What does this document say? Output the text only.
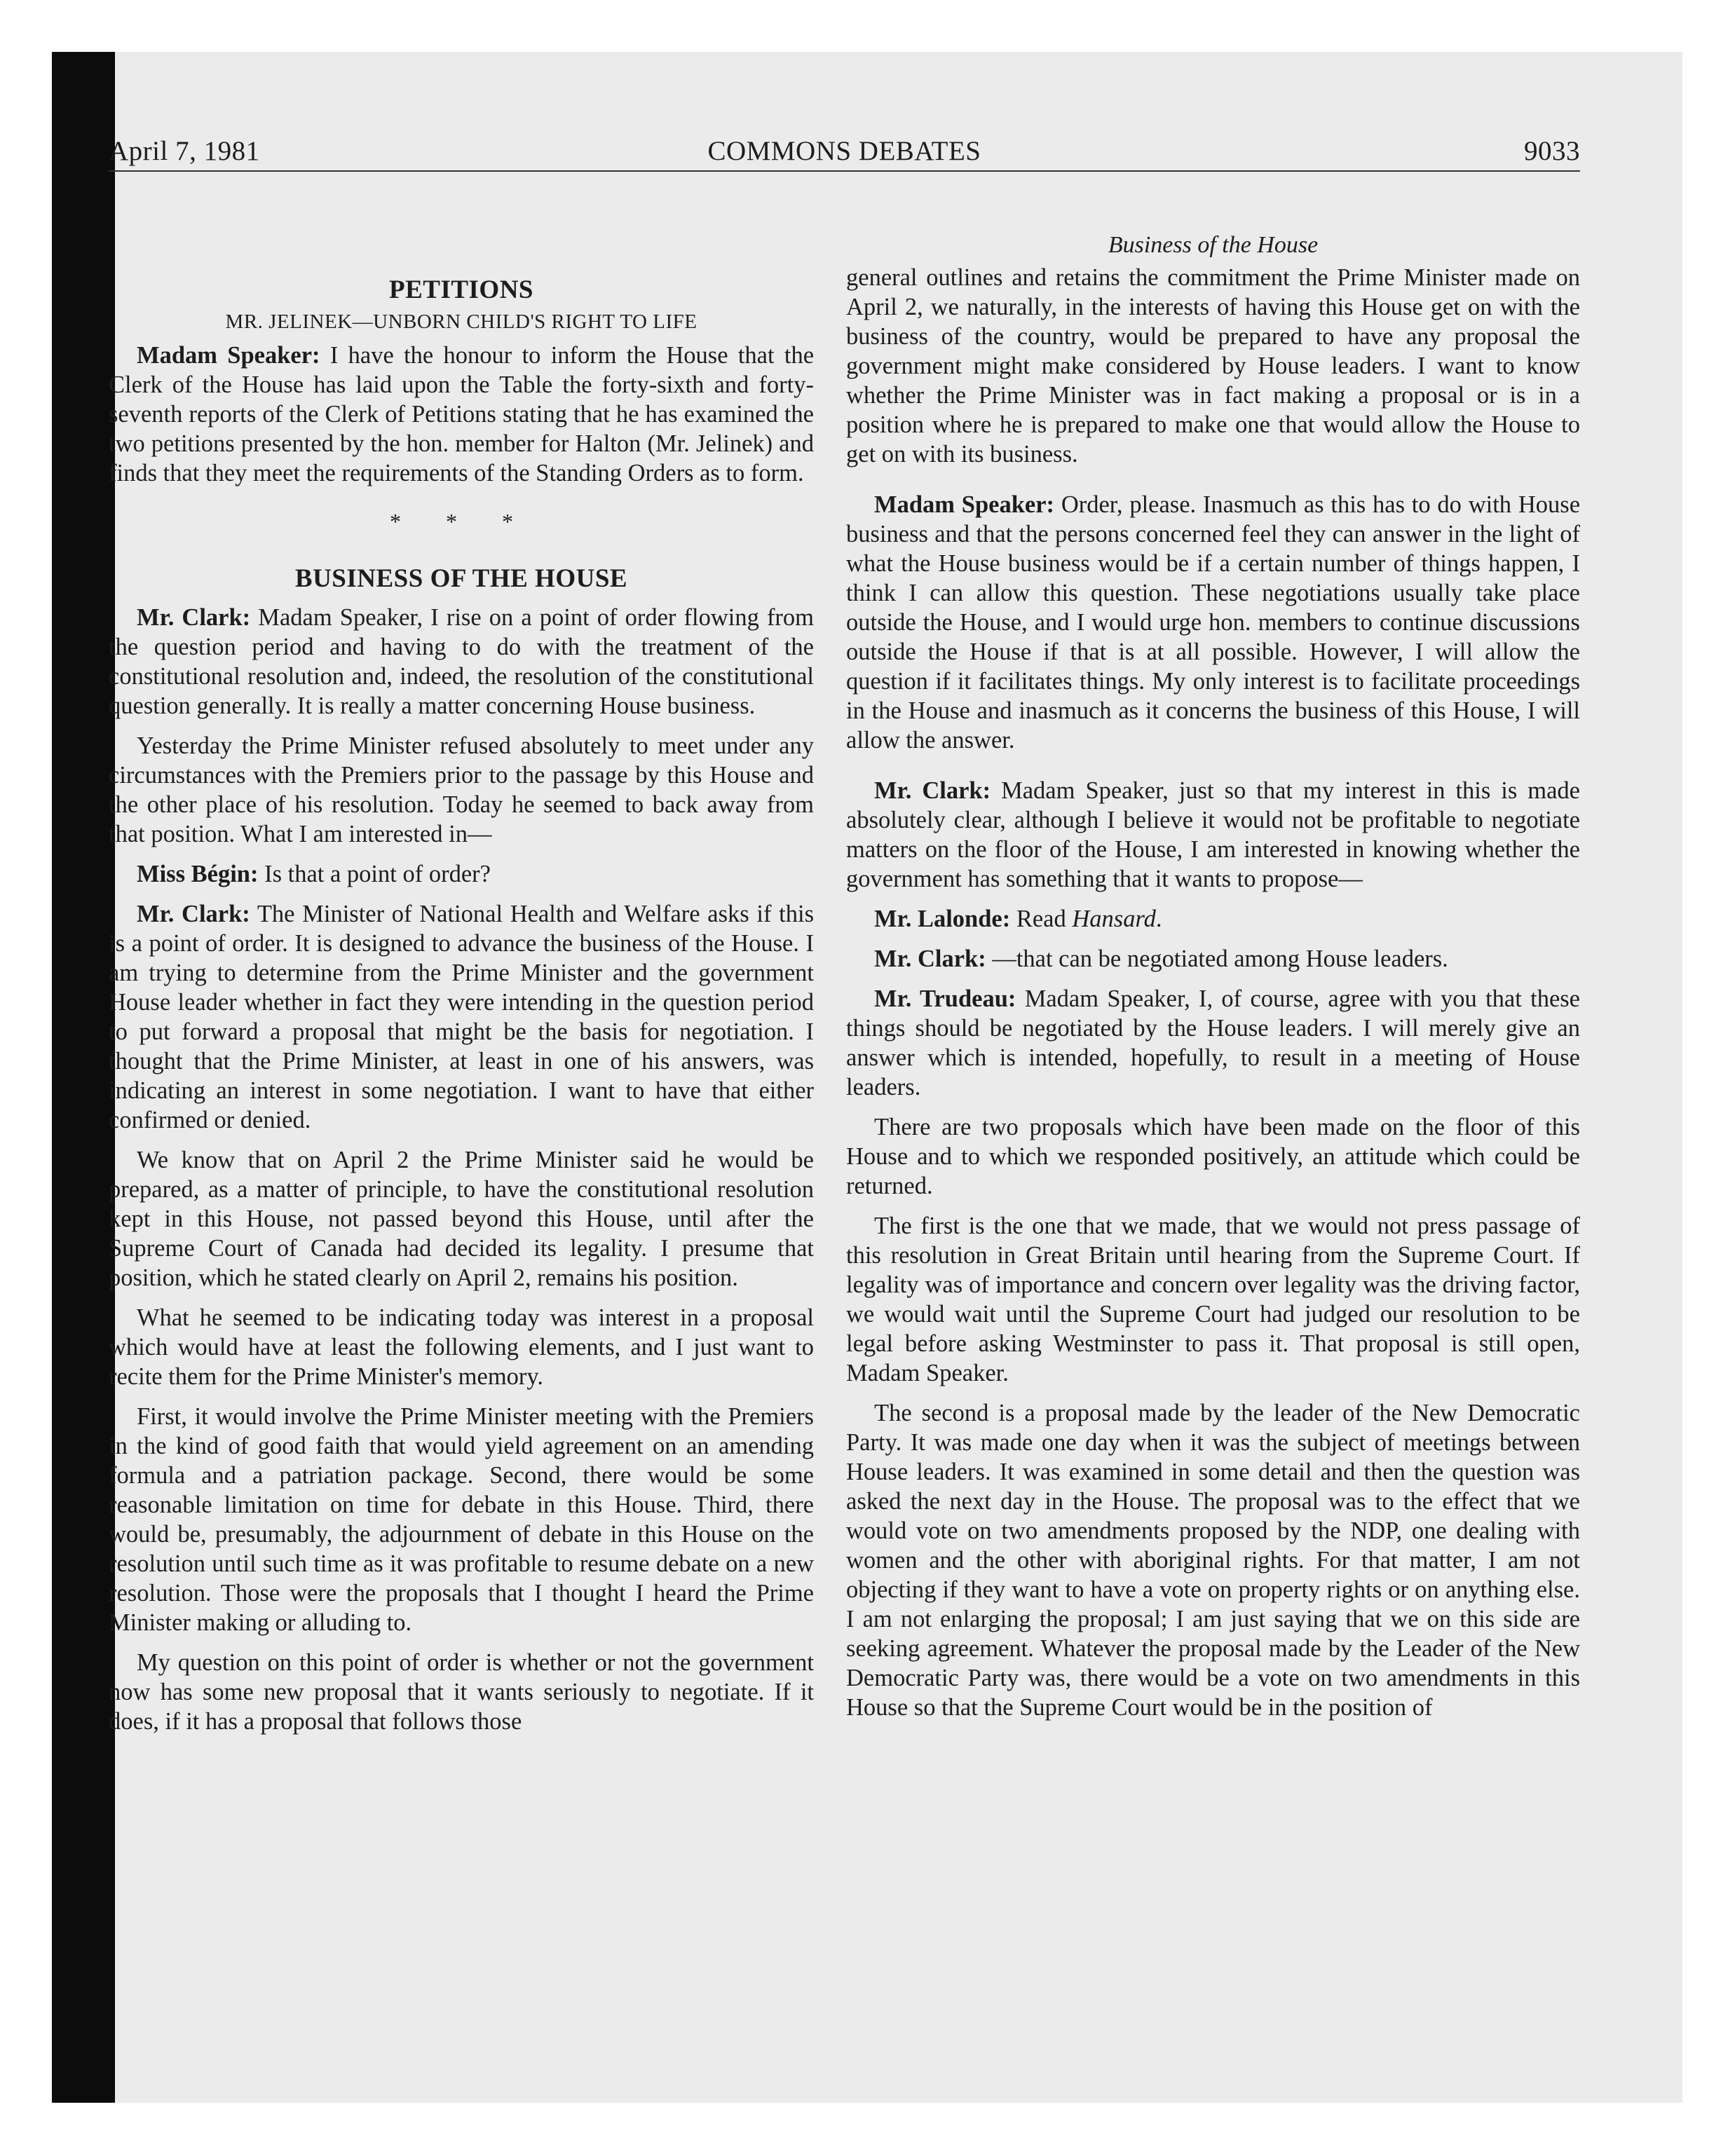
April 7, 1981	COMMONS DEBATES	9033
PETITIONS
MR. JELINEK—UNBORN CHILD'S RIGHT TO LIFE

Madam Speaker: I have the honour to inform the House that the Clerk of the House has laid upon the Table the forty-sixth and forty-seventh reports of the Clerk of Petitions stating that he has examined the two petitions presented by the hon. member for Halton (Mr. Jelinek) and finds that they meet the requirements of the Standing Orders as to form.

* * *
BUSINESS OF THE HOUSE

Mr. Clark: Madam Speaker, I rise on a point of order flowing from the question period and having to do with the treatment of the constitutional resolution and, indeed, the resolution of the constitutional question generally. It is really a matter concerning House business.

Yesterday the Prime Minister refused absolutely to meet under any circumstances with the Premiers prior to the passage by this House and the other place of his resolution. Today he seemed to back away from that position. What I am interested in—

Miss Bégin: Is that a point of order?

Mr. Clark: The Minister of National Health and Welfare asks if this is a point of order. It is designed to advance the business of the House. I am trying to determine from the Prime Minister and the government House leader whether in fact they were intending in the question period to put forward a proposal that might be the basis for negotiation. I thought that the Prime Minister, at least in one of his answers, was indicating an interest in some negotiation. I want to have that either confirmed or denied.

We know that on April 2 the Prime Minister said he would be prepared, as a matter of principle, to have the constitutional resolution kept in this House, not passed beyond this House, until after the Supreme Court of Canada had decided its legality. I presume that position, which he stated clearly on April 2, remains his position.

What he seemed to be indicating today was interest in a proposal which would have at least the following elements, and I just want to recite them for the Prime Minister's memory.

First, it would involve the Prime Minister meeting with the Premiers in the kind of good faith that would yield agreement on an amending formula and a patriation package. Second, there would be some reasonable limitation on time for debate in this House. Third, there would be, presumably, the adjournment of debate in this House on the resolution until such time as it was profitable to resume debate on a new resolution. Those were the proposals that I thought I heard the Prime Minister making or alluding to.

My question on this point of order is whether or not the government now has some new proposal that it wants seriously to negotiate. If it does, if it has a proposal that follows those

Business of the House

general outlines and retains the commitment the Prime Minister made on April 2, we naturally, in the interests of having this House get on with the business of the country, would be prepared to have any proposal the government might make considered by House leaders. I want to know whether the Prime Minister was in fact making a proposal or is in a position where he is prepared to make one that would allow the House to get on with its business.

Madam Speaker: Order, please. Inasmuch as this has to do with House business and that the persons concerned feel they can answer in the light of what the House business would be if a certain number of things happen, I think I can allow this question. These negotiations usually take place outside the House, and I would urge hon. members to continue discussions outside the House if that is at all possible. However, I will allow the question if it facilitates things. My only interest is to facilitate proceedings in the House and inasmuch as it concerns the business of this House, I will allow the answer.

Mr. Clark: Madam Speaker, just so that my interest in this is made absolutely clear, although I believe it would not be profitable to negotiate matters on the floor of the House, I am interested in knowing whether the government has something that it wants to propose—

Mr. Lalonde: Read Hansard.

Mr. Clark: —that can be negotiated among House leaders.

Mr. Trudeau: Madam Speaker, I, of course, agree with you that these things should be negotiated by the House leaders. I will merely give an answer which is intended, hopefully, to result in a meeting of House leaders.

There are two proposals which have been made on the floor of this House and to which we responded positively, an attitude which could be returned.

The first is the one that we made, that we would not press passage of this resolution in Great Britain until hearing from the Supreme Court. If legality was of importance and concern over legality was the driving factor, we would wait until the Supreme Court had judged our resolution to be legal before asking Westminster to pass it. That proposal is still open, Madam Speaker.

The second is a proposal made by the leader of the New Democratic Party. It was made one day when it was the subject of meetings between House leaders. It was examined in some detail and then the question was asked the next day in the House. The proposal was to the effect that we would vote on two amendments proposed by the NDP, one dealing with women and the other with aboriginal rights. For that matter, I am not objecting if they want to have a vote on property rights or on anything else. I am not enlarging the proposal; I am just saying that we on this side are seeking agreement. Whatever the proposal made by the Leader of the New Democratic Party was, there would be a vote on two amendments in this House so that the Supreme Court would be in the position of
